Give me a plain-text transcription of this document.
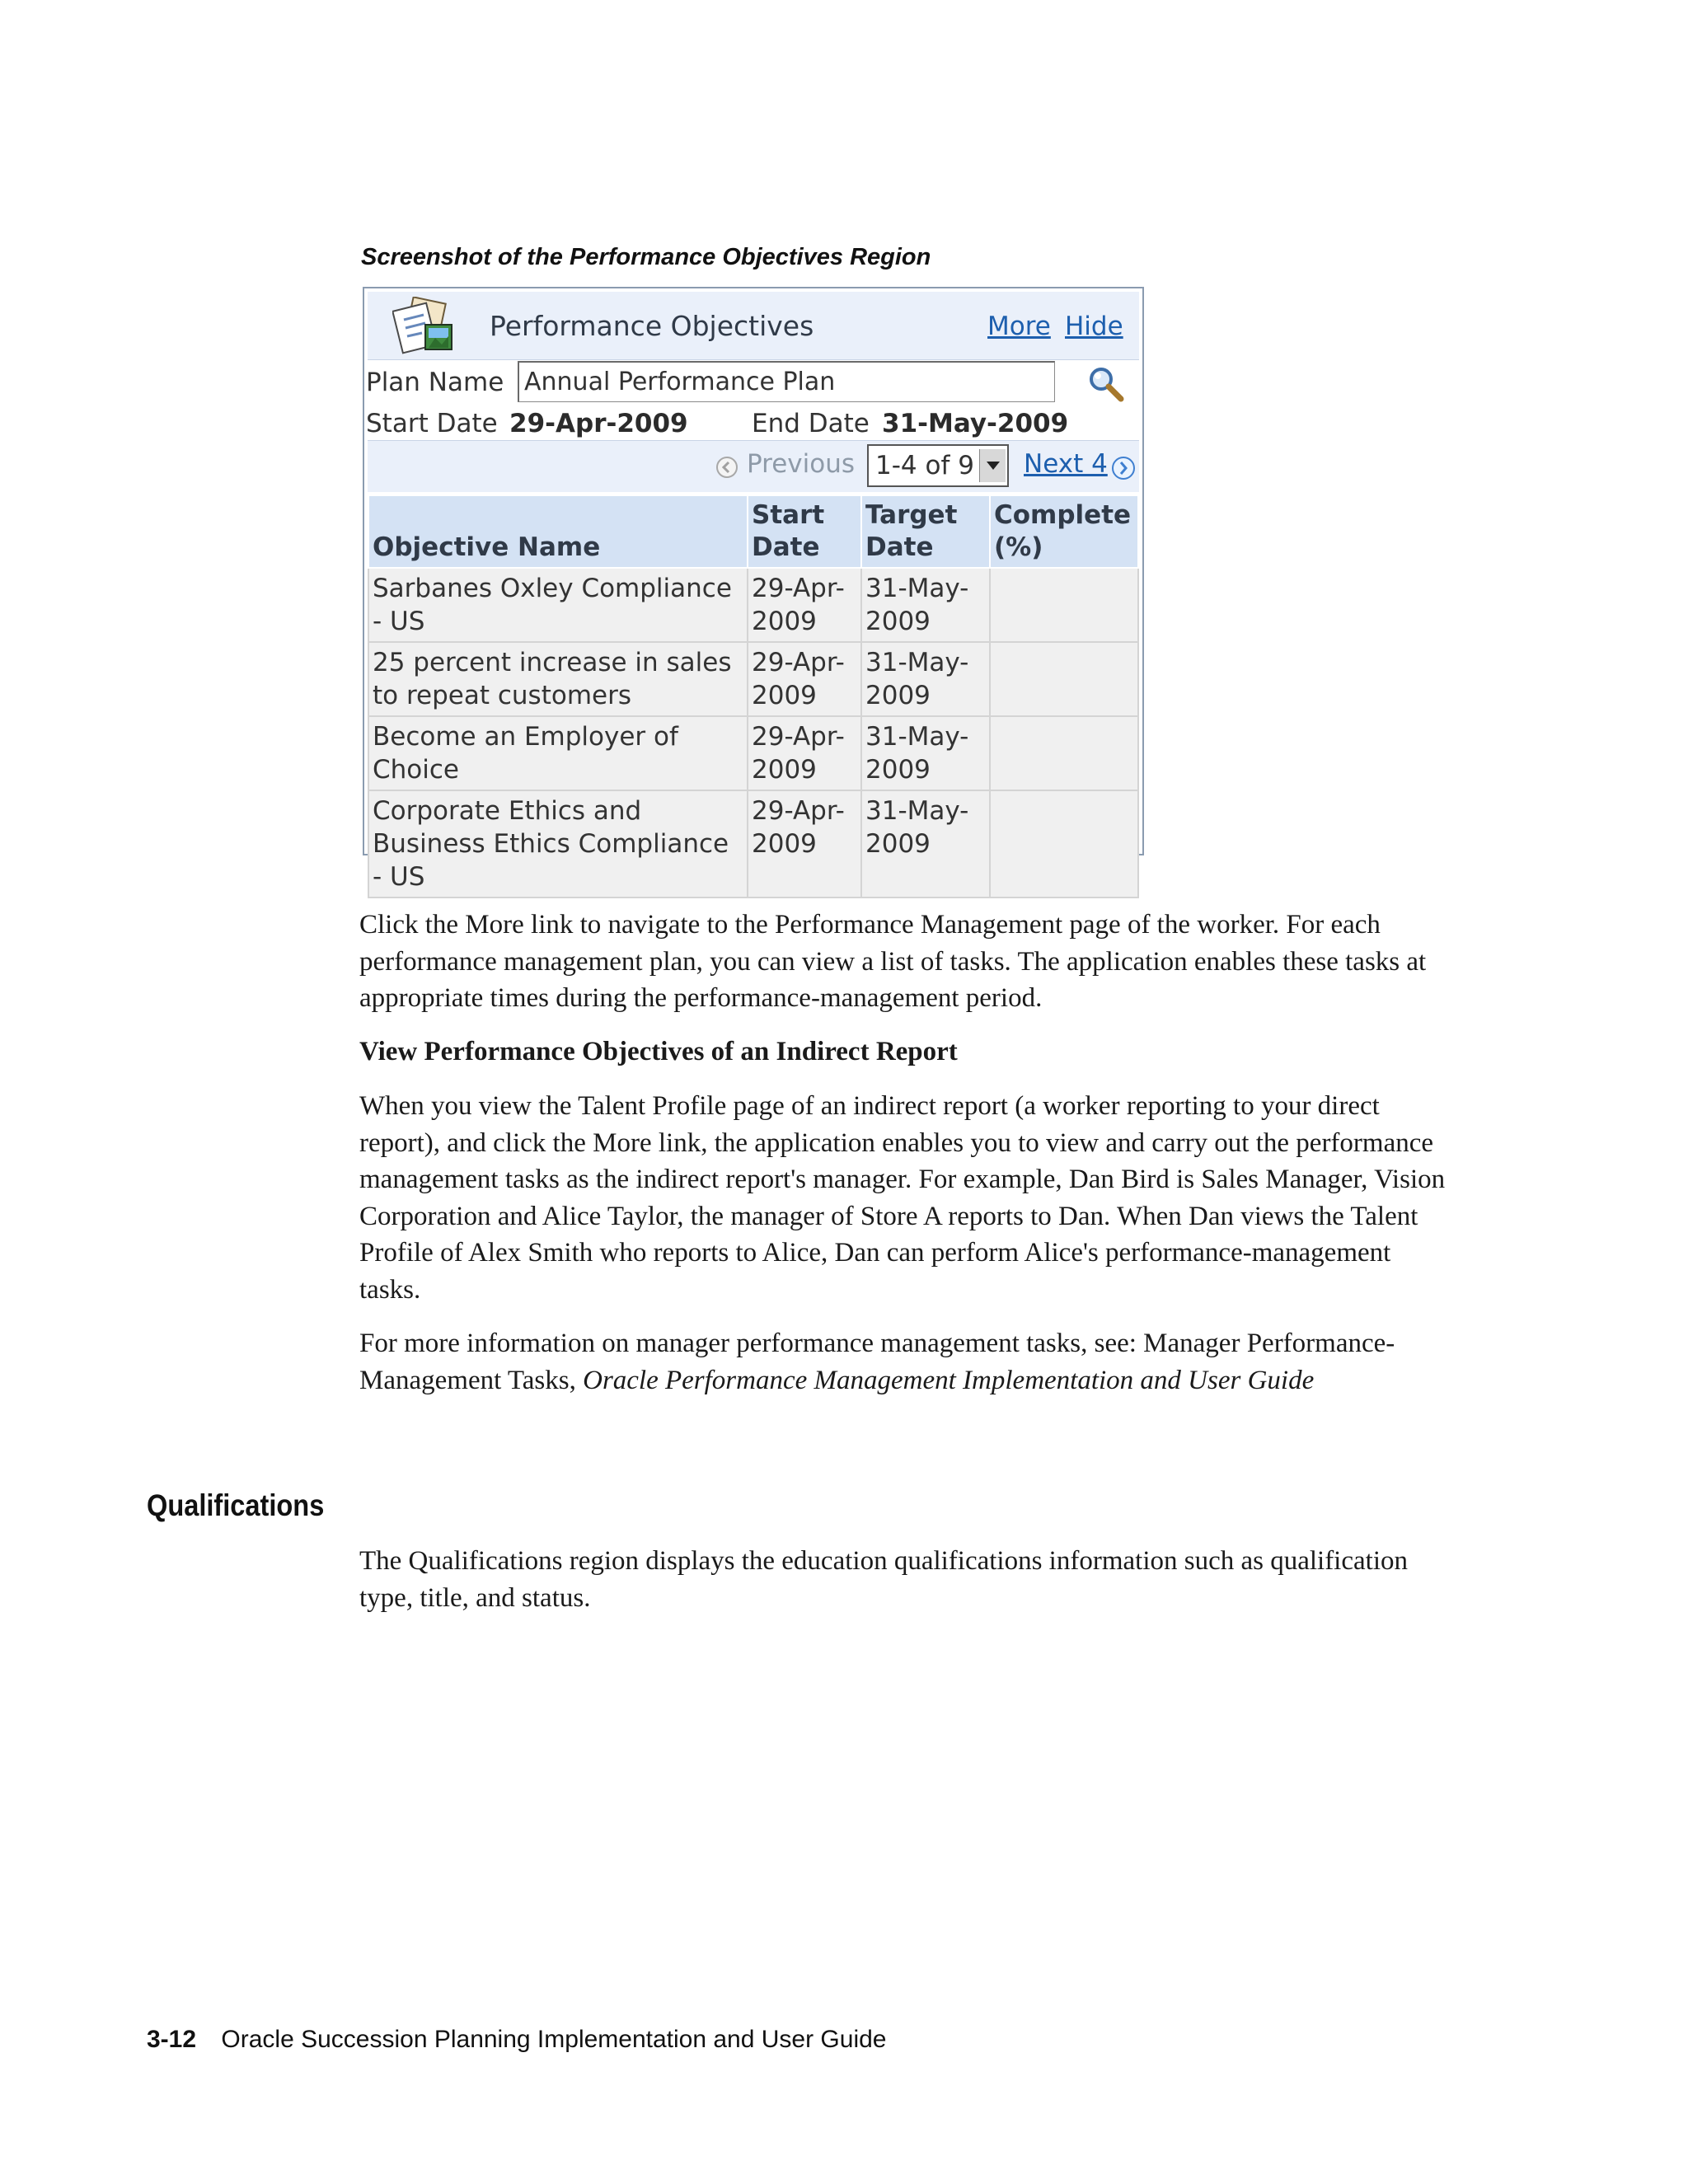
Screenshot of the Performance Objectives Region
Performance Objectives	More Hide
Plan Name
Annual Performance Plan
Start Date 29-Apr-2009 End Date 31-May-2009
Previous 1-4 of 9 Next 4
Objective Name	Start Date	Target Date	Complete (%)
Sarbanes Oxley Compliance - US	29-Apr-2009	31-May-2009	
25 percent increase in sales to repeat customers	29-Apr-2009	31-May-2009	
Become an Employer of Choice	29-Apr-2009	31-May-2009	
Corporate Ethics and Business Ethics Compliance - US	29-Apr-2009	31-May-2009	

Click the More link to navigate to the Performance Management page of the worker. For each performance management plan, you can view a list of tasks. The application enables these tasks at appropriate times during the performance-management period.

View Performance Objectives of an Indirect Report

When you view the Talent Profile page of an indirect report (a worker reporting to your direct report), and click the More link, the application enables you to view and carry out the performance management tasks as the indirect report's manager. For example, Dan Bird is Sales Manager, Vision Corporation and Alice Taylor, the manager of Store A reports to Dan. When Dan views the Talent Profile of Alex Smith who reports to Alice, Dan can perform Alice's performance-management tasks.

For more information on manager performance management tasks, see: Manager Performance-Management Tasks, Oracle Performance Management Implementation and User Guide

Qualifications

The Qualifications region displays the education qualifications information such as qualification type, title, and status.

3-12 Oracle Succession Planning Implementation and User Guide
